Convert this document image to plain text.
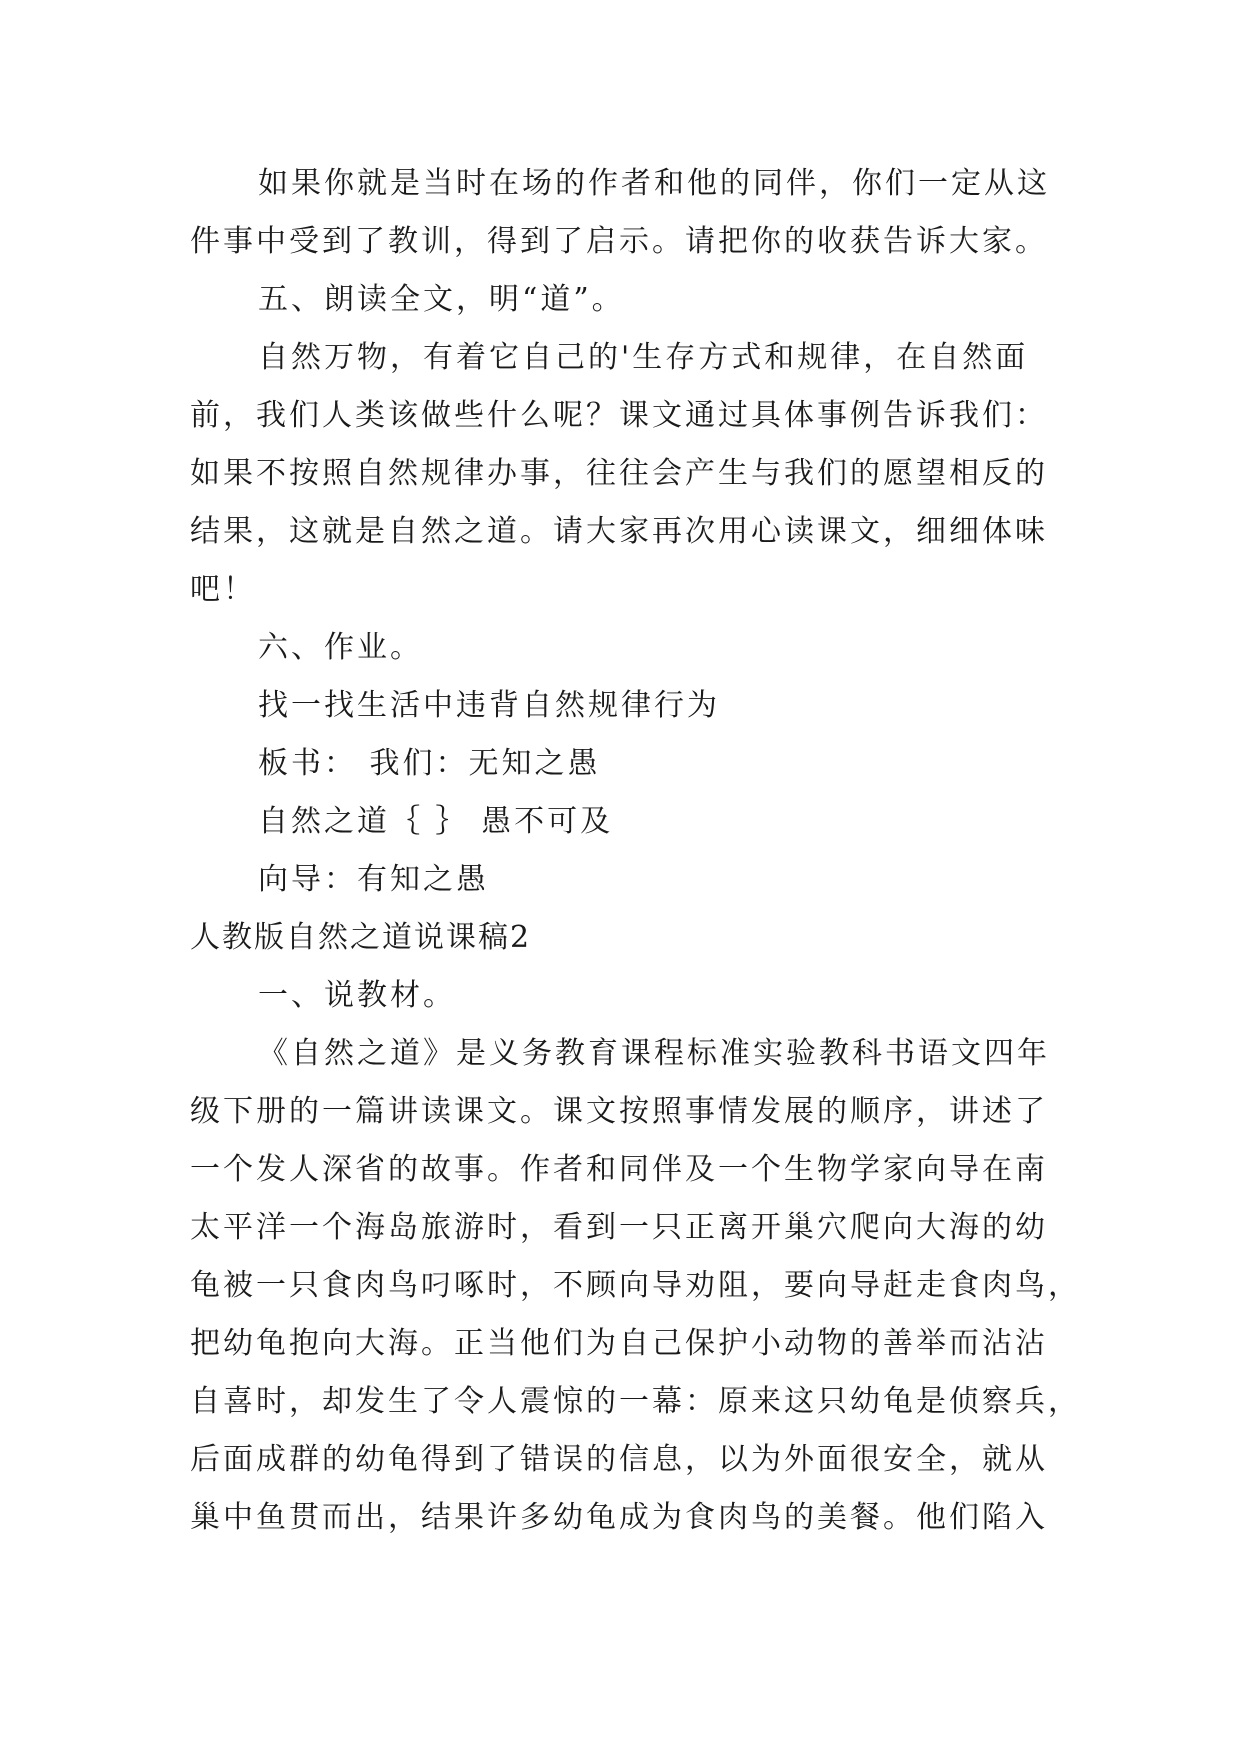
如果你就是当时在场的作者和他的同伴，你们一定从这
件事中受到了教训，得到了启示。请把你的收获告诉大家。
五、朗读全文，明“道”。
自然万物，有着它自己的'生存方式和规律，在自然面
前，我们人类该做些什么呢？课文通过具体事例告诉我们：
如果不按照自然规律办事，往往会产生与我们的愿望相反的
结果，这就是自然之道。请大家再次用心读课文，细细体味
吧！
六、作业。
找一找生活中违背自然规律行为
板书： 我们：无知之愚
自然之道｛ ｝ 愚不可及
向导：有知之愚
人教版自然之道说课稿2
一、说教材。
《自然之道》是义务教育课程标准实验教科书语文四年
级下册的一篇讲读课文。课文按照事情发展的顺序，讲述了
一个发人深省的故事。作者和同伴及一个生物学家向导在南
太平洋一个海岛旅游时，看到一只正离开巢穴爬向大海的幼
龟被一只食肉鸟叼啄时，不顾向导劝阻，要向导赶走食肉鸟，
把幼龟抱向大海。正当他们为自己保护小动物的善举而沾沾
自喜时，却发生了令人震惊的一幕：原来这只幼龟是侦察兵，
后面成群的幼龟得到了错误的信息，以为外面很安全，就从
巢中鱼贯而出，结果许多幼龟成为食肉鸟的美餐。他们陷入
